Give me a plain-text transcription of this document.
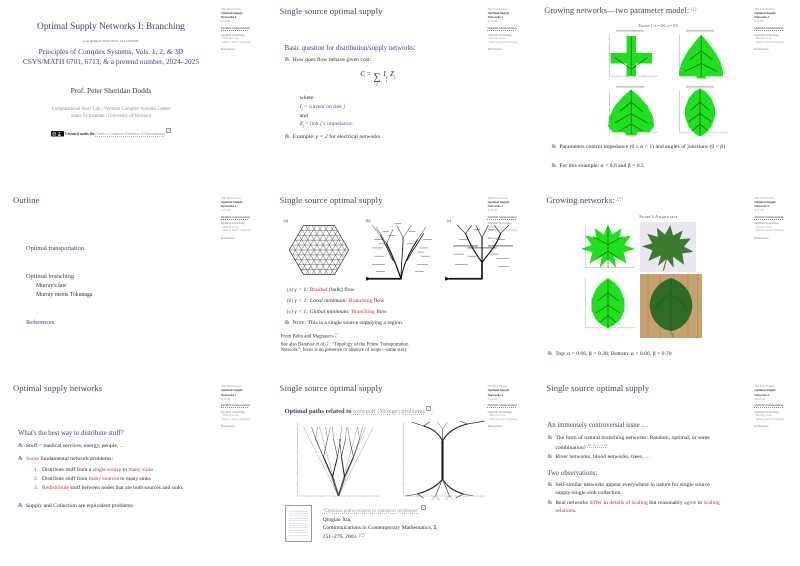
Optimal Supply Networks I: Branching
Last updated: 2024/10/15, 14:11:50 EDT
Principles of Complex Systems, Vols. 1, 2, & 3D
CSYS/MATH 6701, 6713, & a pretend number, 2024–2025
Prof. Peter Sheridan Dodds
Computational Story Lab | Vermont Complex Systems Center
Santa Fe Institute | University of Vermont
Licensed under the Creative Commons Attribution 4.0 International
The PoCSverse
Optimal Supply Networks I
1 of 29
Optimal transportation
Optimal branching
Murray's Law
Murray meets Tokunaga
References
Single source optimal supply
Basic question for distribution/supply networks:
& How does flow behave given cost:
C = ∑
j
I γ
j
$Z_j$
where
$I_j$ = current on link j
and
$Z_j$ = link j’s impedance.
& Example: γ = 2 for electrical networks.
The PoCSverse
Optimal Supply Networks I
4 of 29
Optimal transportation
Optimal branching
Murray's Law
Murray meets Tokunaga
References
Growing networks—two parameter model: [21]
Figure 1. α = 0.6, β = 0.5
& Parameters control impedance (0 ≤ α < 1) and angles of junctions (0 < β)
& For this example: α = 0.6 and β = 0.5
The PoCSverse
Optimal Supply Networks I
8 of 29
Optimal transportation
Optimal branching
Murray's Law
Murray meets Tokunaga
References
Outline
Optimal transportation
Optimal branching
Murray's law
Murray meets Tokunaga
References
The PoCSverse
Optimal Supply Networks I
2 of 29
Optimal transportation
Optimal branching
Murray's Law
Murray meets Tokunaga
References
Single source optimal supply
(a)	(b)	(c)
(a) γ > 1: Braided (bulk) flow
(b) γ < 1: Local minimum: Branching flow
(c) γ < 1: Global minimum: Branching flow
& Note: This is a single source supplying a region.
From Bohn and Magnasco [3]
See also Banavar et al.[1]: “Topology of the Fittest Transportation
Network”; focus is on presence or absence of loops—same story
The PoCSverse
Optimal Supply Networks I
6 of 29
Optimal transportation
Optimal branching
Murray's Law
Murray meets Tokunaga
References
Growing networks: [21]
Figure 3. A maple leaf
& Top: α = 0.66, β = 0.38; Bottom: α = 0.66, β = 0.70
The PoCSverse
Optimal Supply Networks I
9 of 29
Optimal transportation
Optimal branching
Murray's Law
Murray meets Tokunaga
References
Optimal supply networks
What's the best way to distribute stuff?
& Stuff = medical services, energy, people, …
& Some fundamental network problems:
1. Distribute stuff from a single source to many sinks
2. Distribute stuff from many sources to many sinks
3. Redistribute stuff between nodes that are both sources and sinks
& Supply and Collection are equivalent problems
The PoCSverse
Optimal Supply Networks I
3 of 29
Optimal transportation
Optimal branching
Murray's Law
Murray meets Tokunaga
References
Single source optimal supply
Optimal paths related to transport (Monge) problems :
“Optimal paths related to transport problems”
Qinglan Xia,
Communications in Contemporary Mathematics, 5,
251–279, 2003. [20]
The PoCSverse
Optimal Supply Networks I
7 of 29
Optimal transportation
Optimal branching
Murray's Law
Murray meets Tokunaga
References
Single source optimal supply
An immensely controversial issue …
& The form of natural branching networks: Random, optimal, or some combination? [6, 19, 2, 3, 4]
& River networks, blood networks, trees, …
Two observations:
& Self-similar networks appear everywhere in nature for single source supply/single sink collection.
& Real networks differ in details of scaling but reasonably agree in scaling relations.
The PoCSverse
Optimal Supply Networks I
10 of 29
Optimal transportation
Optimal branching
Murray's Law
Murray meets Tokunaga
References
